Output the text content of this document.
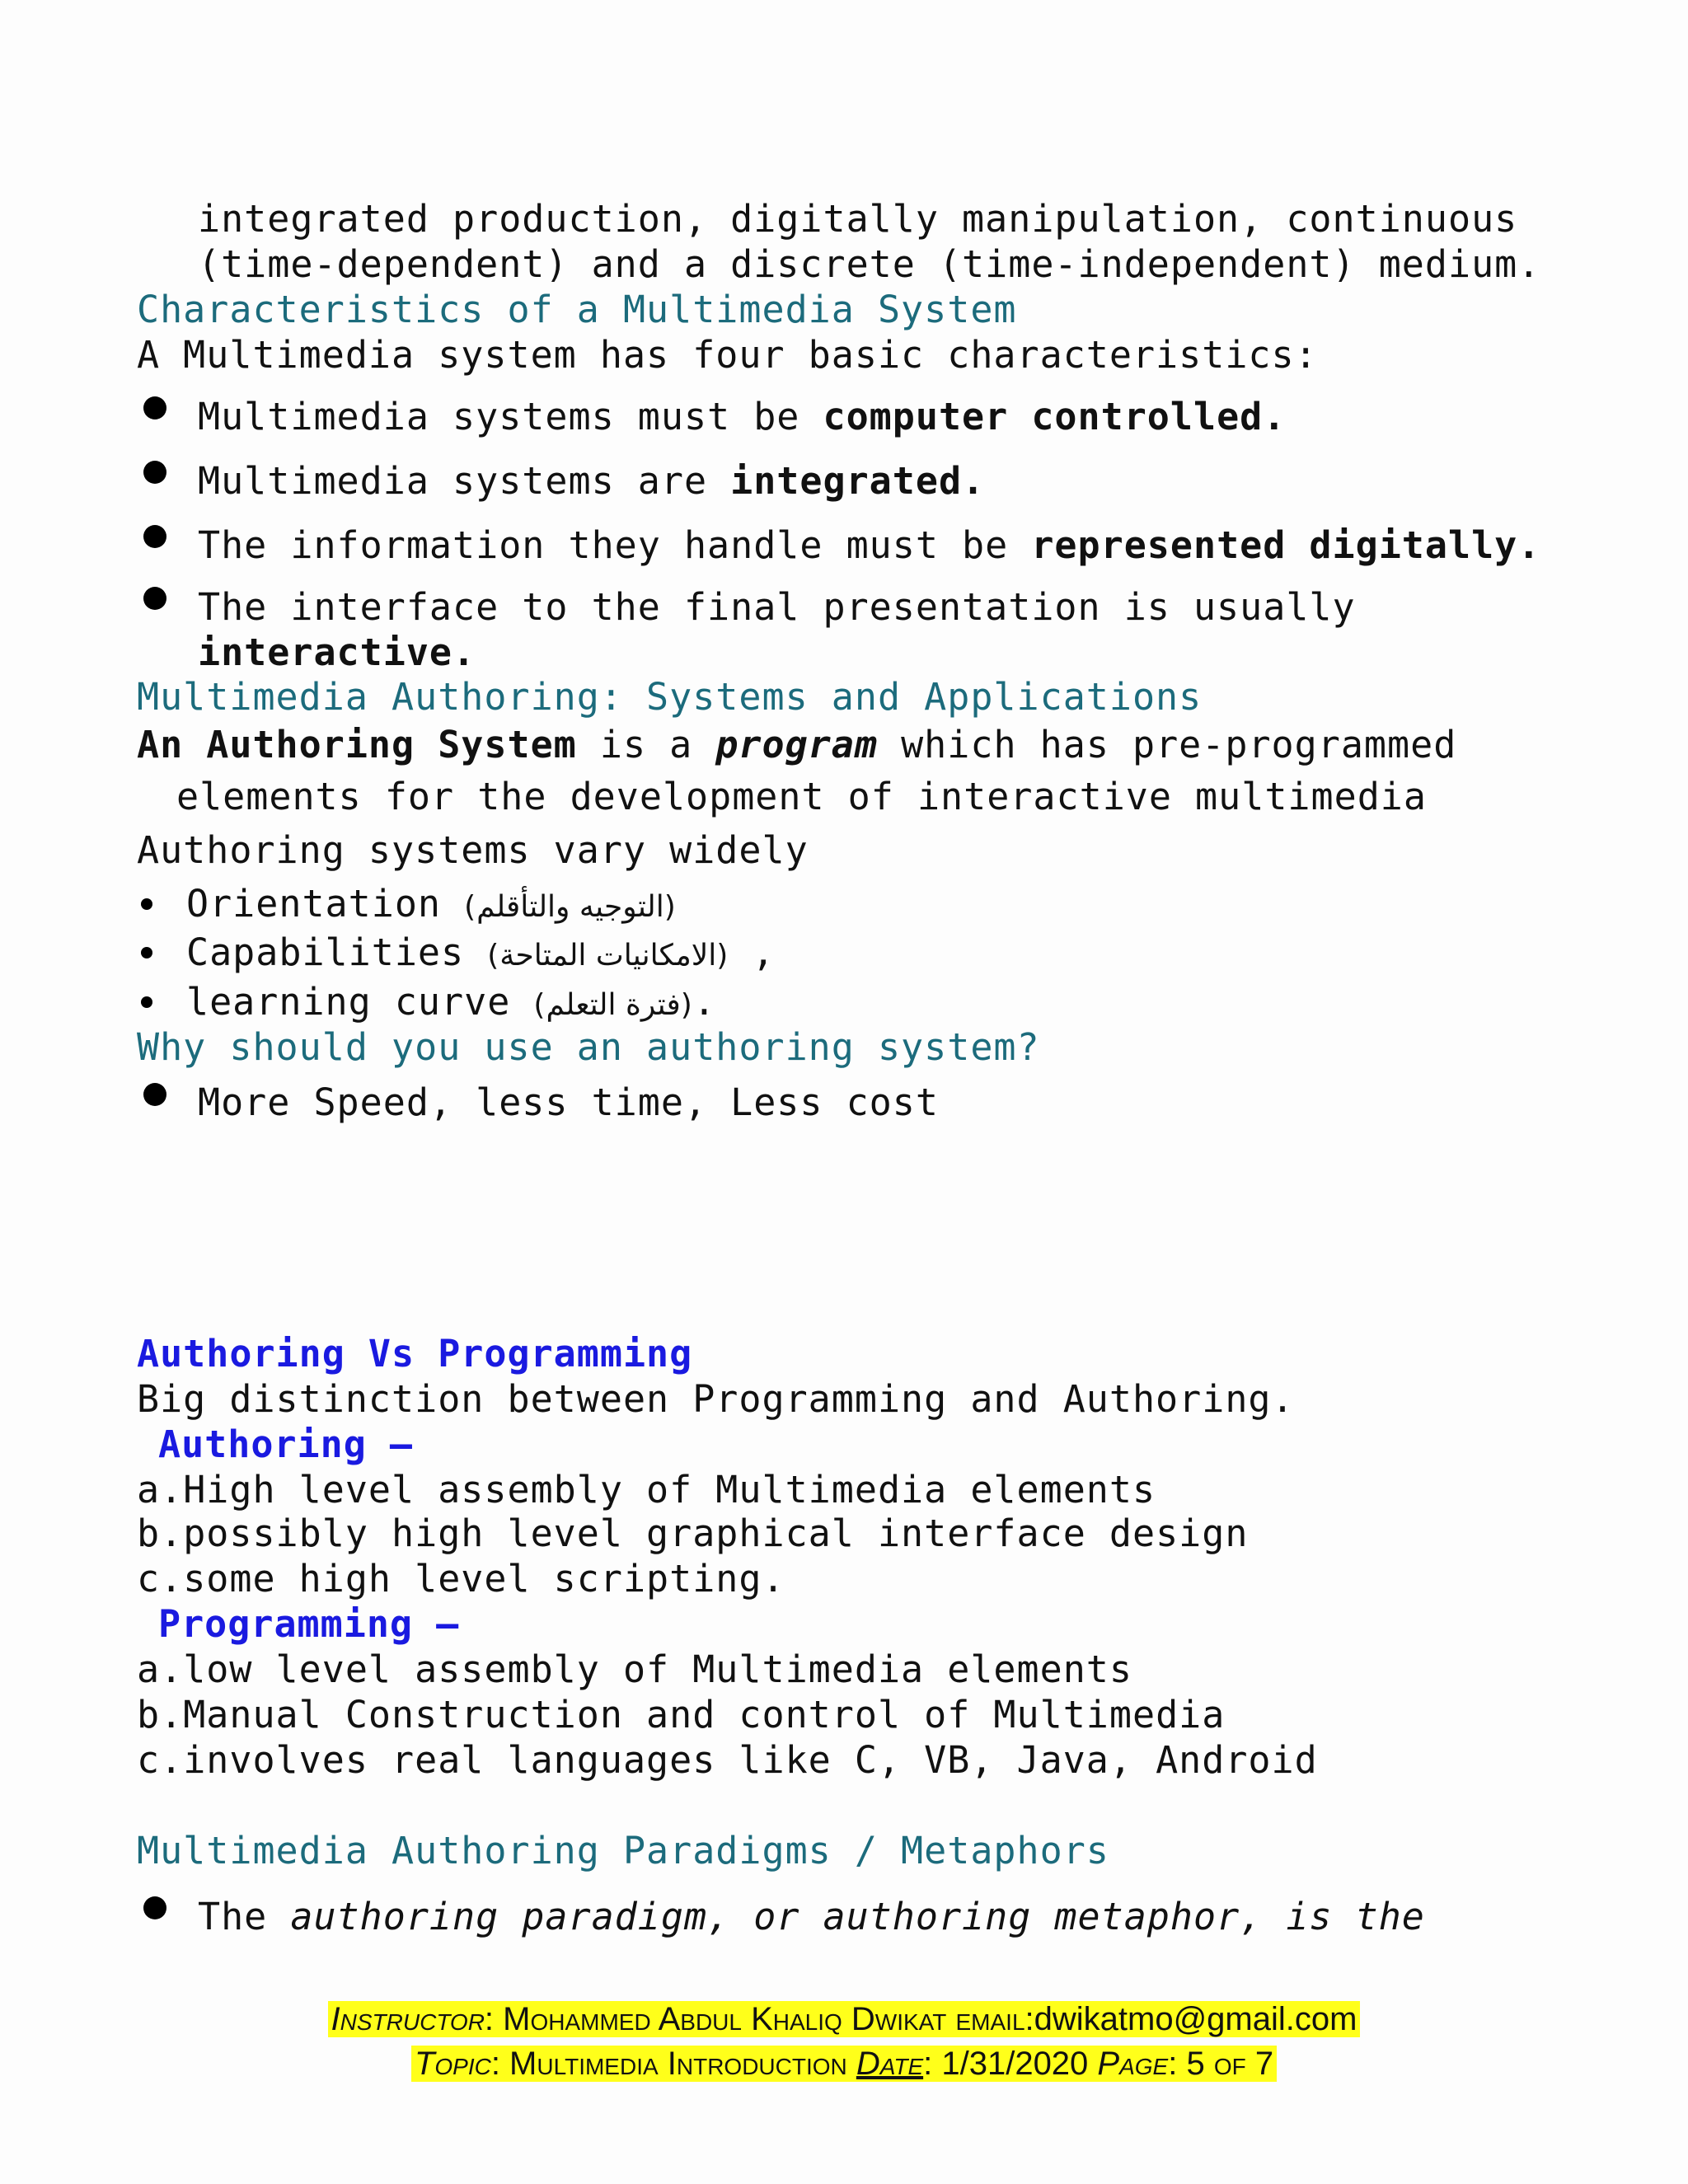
integrated production, digitally manipulation, continuous
(time-dependent) and a discrete (time-independent) medium.
Characteristics of a Multimedia System
A Multimedia system has four basic characteristics:
Multimedia systems must be computer controlled.
Multimedia systems are integrated.
The information they handle must be represented digitally.
The interface to the final presentation is usually
interactive.
Multimedia Authoring: Systems and Applications
An Authoring System is a program which has pre-programmed
elements for the development of interactive multimedia
Authoring systems vary widely
Orientation (التوجيه والتأقلم)
Capabilities (الامكانيات المتاحة) ,
learning curve (فترة التعلم).
Why should you use an authoring system?
More Speed, less time, Less cost
Authoring Vs Programming
Big distinction between Programming and Authoring.
Authoring –
a.High level assembly of Multimedia elements
b.possibly high level graphical interface design
c.some high level scripting.
Programming –
a.low level assembly of Multimedia elements
b.Manual Construction and control of Multimedia
c.involves real languages like C, VB, Java, Android
Multimedia Authoring Paradigms / Metaphors
The authoring paradigm, or authoring metaphor, is the
Instructor: Mohammed Abdul Khaliq Dwikat email:dwikatmo@gmail.com
Topic: Multimedia Introduction Date: 1/31/2020 Page: 5 of 7
